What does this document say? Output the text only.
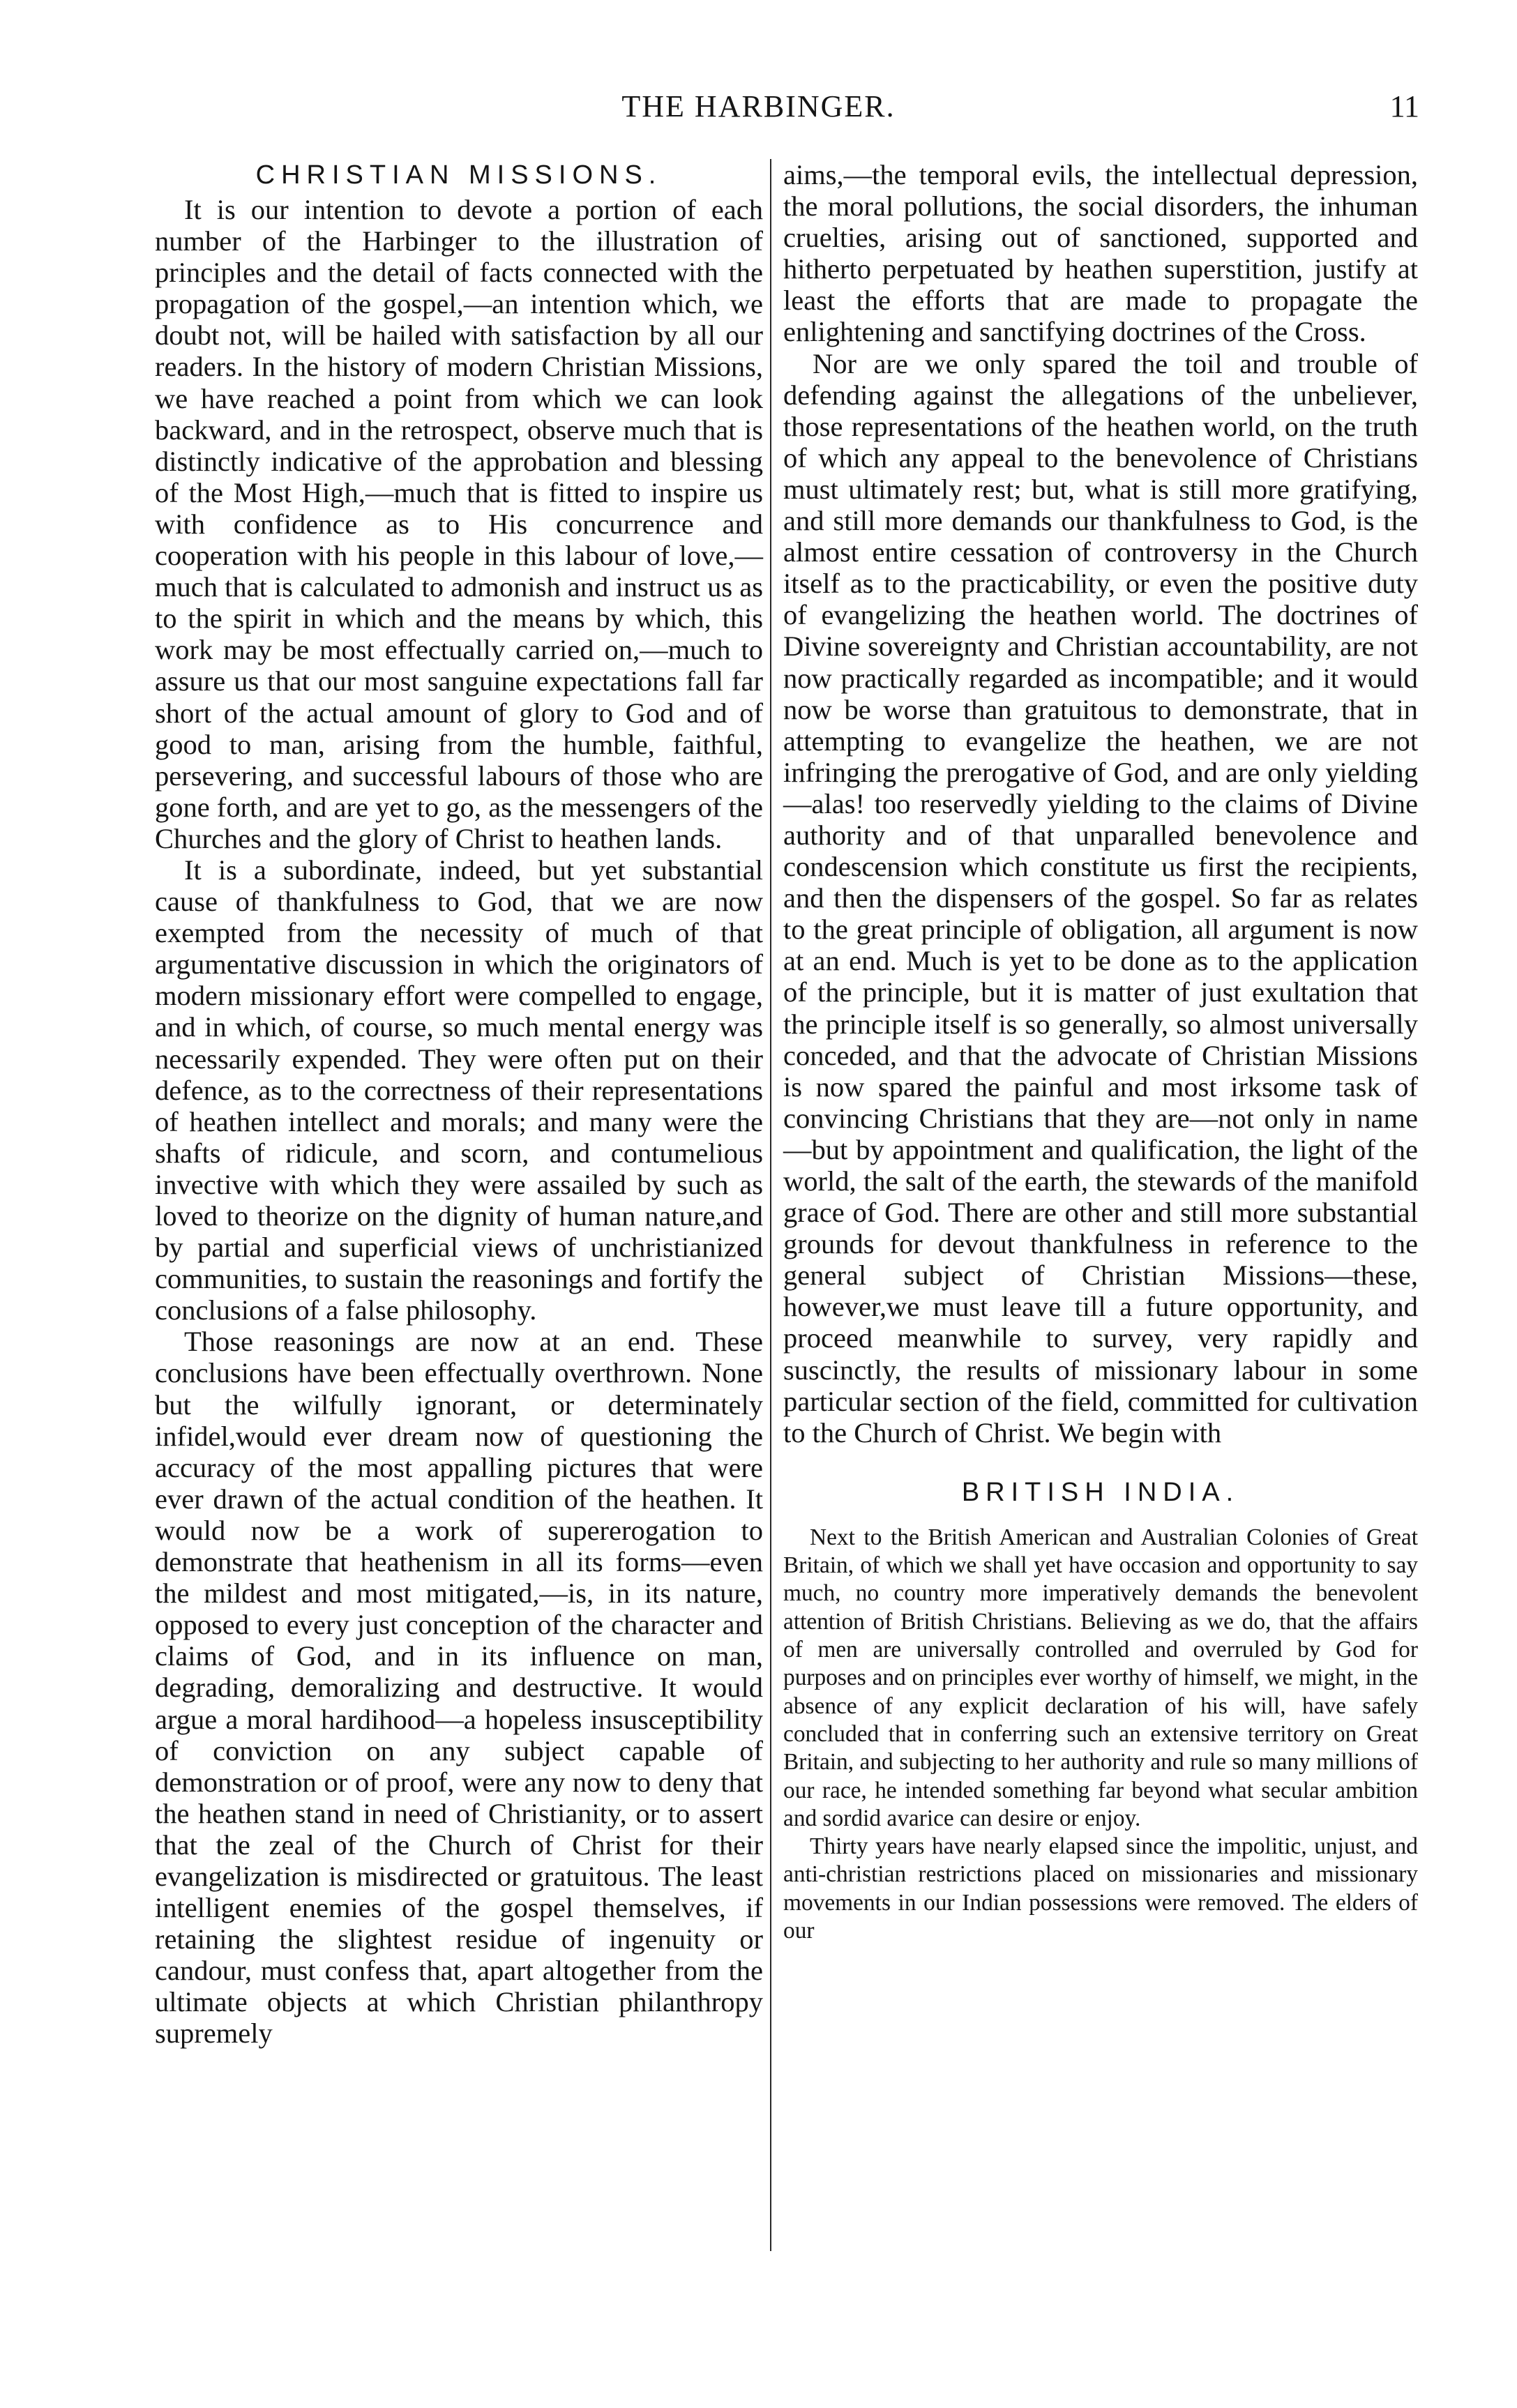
THE HARBINGER.	11
CHRISTIAN MISSIONS.

It is our intention to devote a portion of each number of the Harbinger to the illustration of principles and the detail of facts connected with the propagation of the gospel,—an intention which, we doubt not, will be hailed with satisfaction by all our readers. In the history of modern Christian Missions, we have reached a point from which we can look backward, and in the retrospect, observe much that is distinctly indicative of the approbation and blessing of the Most High,—much that is fitted to inspire us with confidence as to His concurrence and cooperation with his people in this labour of love,—much that is calculated to admonish and instruct us as to the spirit in which and the means by which, this work may be most effectually carried on,—much to assure us that our most sanguine expectations fall far short of the actual amount of glory to God and of good to man, arising from the humble, faithful, persevering, and successful labours of those who are gone forth, and are yet to go, as the messengers of the Churches and the glory of Christ to heathen lands.

It is a subordinate, indeed, but yet substantial cause of thankfulness to God, that we are now exempted from the necessity of much of that argumentative discussion in which the originators of modern missionary effort were compelled to engage, and in which, of course, so much mental energy was necessarily expended. They were often put on their defence, as to the correctness of their representations of heathen intellect and morals; and many were the shafts of ridicule, and scorn, and contumelious invective with which they were assailed by such as loved to theorize on the dignity of human nature,and by partial and superficial views of unchristianized communities, to sustain the reasonings and fortify the conclusions of a false philosophy.

Those reasonings are now at an end. These conclusions have been effectually overthrown. None but the wilfully ignorant, or determinately infidel,would ever dream now of questioning the accuracy of the most appalling pictures that were ever drawn of the actual condition of the heathen. It would now be a work of supererogation to demonstrate that heathenism in all its forms—even the mildest and most mitigated,—is, in its nature, opposed to every just conception of the character and claims of God, and in its influence on man, degrading, demoralizing and destructive. It would argue a moral hardihood—a hopeless insusceptibility of conviction on any subject capable of demonstration or of proof, were any now to deny that the heathen stand in need of Christianity, or to assert that the zeal of the Church of Christ for their evangelization is misdirected or gratuitous. The least intelligent enemies of the gospel themselves, if retaining the slightest residue of ingenuity or candour, must confess that, apart altogether from the ultimate objects at which Christian philanthropy supremely

aims,—the temporal evils, the intellectual depression, the moral pollutions, the social disorders, the inhuman cruelties, arising out of sanctioned, supported and hitherto perpetuated by heathen superstition, justify at least the efforts that are made to propagate the enlightening and sanctifying doctrines of the Cross.

Nor are we only spared the toil and trouble of defending against the allegations of the unbeliever, those representations of the heathen world, on the truth of which any appeal to the benevolence of Christians must ultimately rest; but, what is still more gratifying, and still more demands our thankfulness to God, is the almost entire cessation of controversy in the Church itself as to the practicability, or even the positive duty of evangelizing the heathen world. The doctrines of Divine sovereignty and Christian accountability, are not now practically regarded as incompatible; and it would now be worse than gratuitous to demonstrate, that in attempting to evangelize the heathen, we are not infringing the prerogative of God, and are only yielding—alas! too reservedly yielding to the claims of Divine authority and of that unparalled benevolence and condescension which constitute us first the recipients, and then the dispensers of the gospel. So far as relates to the great principle of obligation, all argument is now at an end. Much is yet to be done as to the application of the principle, but it is matter of just exultation that the principle itself is so generally, so almost universally conceded, and that the advocate of Christian Missions is now spared the painful and most irksome task of convincing Christians that they are—not only in name—but by appointment and qualification, the light of the world, the salt of the earth, the stewards of the manifold grace of God. There are other and still more substantial grounds for devout thankfulness in reference to the general subject of Christian Missions—these, however,we must leave till a future opportunity, and proceed meanwhile to survey, very rapidly and suscinctly, the results of missionary labour in some particular section of the field, committed for cultivation to the Church of Christ. We begin with

BRITISH INDIA.

Next to the British American and Australian Colonies of Great Britain, of which we shall yet have occasion and opportunity to say much, no country more imperatively demands the benevolent attention of British Christians. Believing as we do, that the affairs of men are universally controlled and overruled by God for purposes and on principles ever worthy of himself, we might, in the absence of any explicit declaration of his will, have safely concluded that in conferring such an extensive territory on Great Britain, and subjecting to her authority and rule so many millions of our race, he intended something far beyond what secular ambition and sordid avarice can desire or enjoy.

Thirty years have nearly elapsed since the impolitic, unjust, and anti-christian restrictions placed on missionaries and missionary movements in our Indian possessions were removed. The elders of our
